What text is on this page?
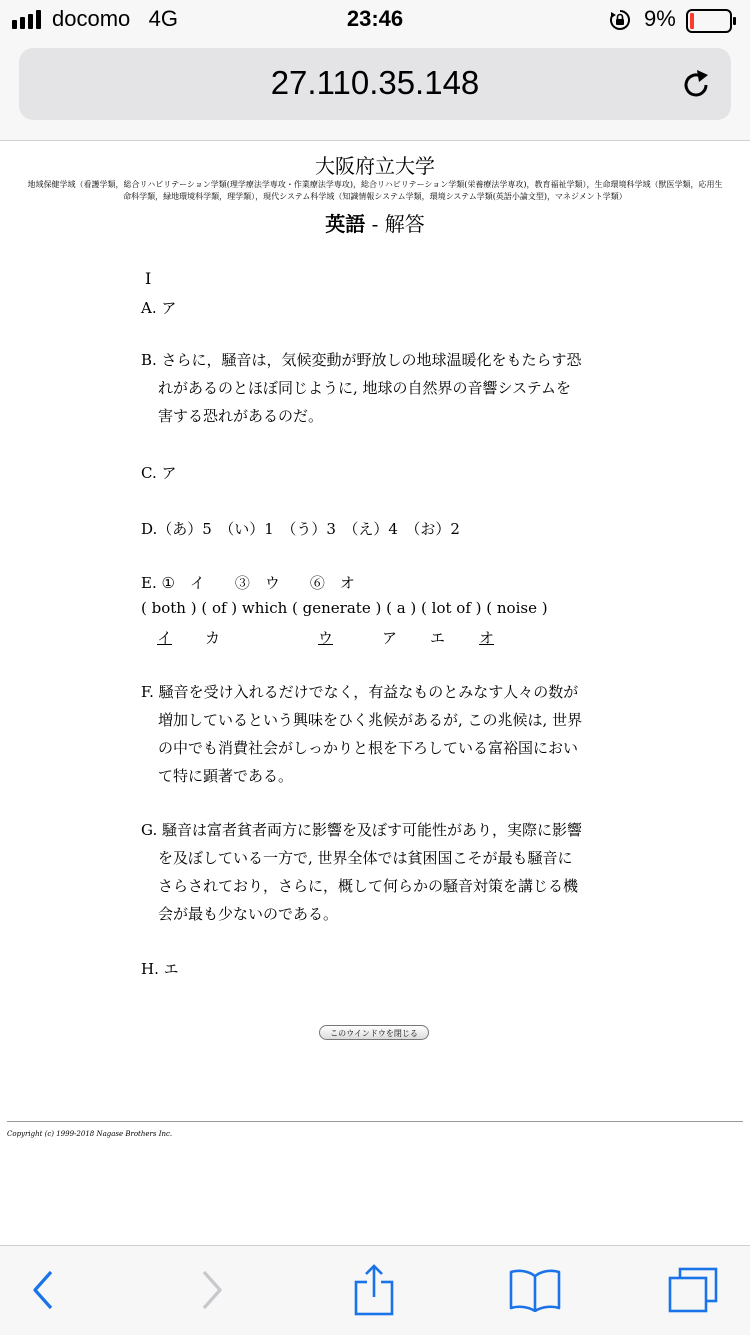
docomo 4G	23:46	9%
27.110.35.148
大阪府立大学
地域保健学域（看護学類，総合リハビリテーション学類(理学療法学専攻・作業療法学専攻)，総合リハビリテーション学類(栄養療法学専攻)，教育福祉学類），生命環境科学域（獣医学類，応用生
命科学類，緑地環境科学類，理学類），現代システム科学域（知識情報システム学類，環境システム学類(英語小論文型)，マネジメント学類）
英語 - 解答
I
A. ア
B. さらに，騒音は，気候変動が野放しの地球温暖化をもたらす恐れがあるのとほぼ同じように, 地球の自然界の音響システムを害する恐れがあるのだ。
C. ア
D.（あ）5　（い）1　（う）3　（え）4　（お）2
E. ①　イ　　③　ウ　　⑥　オ
( both ) ( of ) which ( generate ) ( a ) ( lot of ) ( noise )
イ カ	ウ	ア エ オ
F. 騒音を受け入れるだけでなく，有益なものとみなす人々の数が増加しているという興味をひく兆候があるが, この兆候は, 世界の中でも消費社会がしっかりと根を下ろしている富裕国において特に顕著である。
G. 騒音は富者貧者両方に影響を及ぼす可能性があり，実際に影響を及ぼしている一方で, 世界全体では貧困国こそが最も騒音にさらされており，さらに，概して何らかの騒音対策を講じる機会が最も少ないのである。
H. エ
このウインドウを閉じる
Copyright (c) 1999-2018 Nagase Brothers Inc.
